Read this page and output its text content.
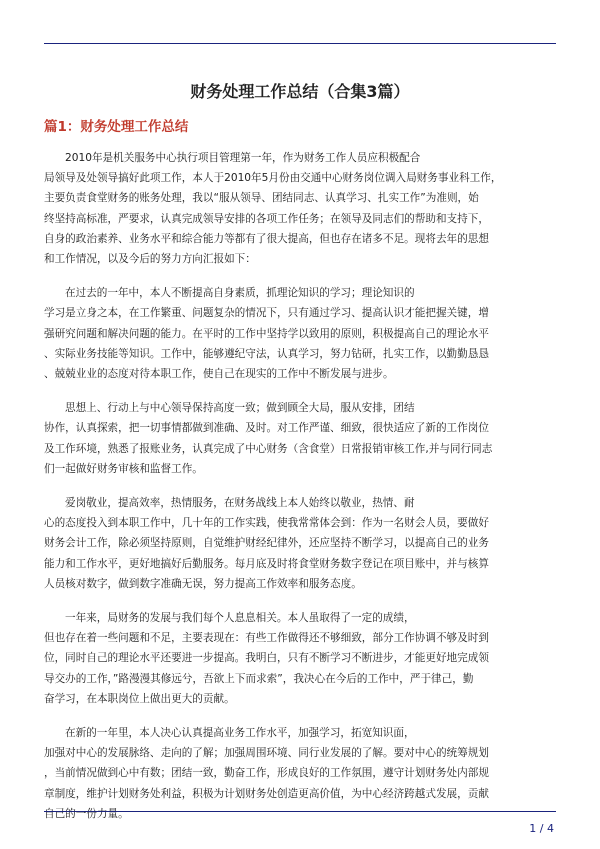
财务处理工作总结（合集3篇）
篇1：财务处理工作总结

2010年是机关服务中心执行项目管理第一年，作为财务工作人员应积极配合
局领导及处领导搞好此项工作，本人于2010年5月份由交通中心财务岗位调入局财务事业科工作，
主要负责食堂财务的账务处理，我以“服从领导、团结同志、认真学习、扎实工作”为准则，始
终坚持高标准，严要求，认真完成领导安排的各项工作任务；在领导及同志们的帮助和支持下，
自身的政治素养、业务水平和综合能力等都有了很大提高，但也存在诸多不足。现将去年的思想
和工作情况，以及今后的努力方向汇报如下：

在过去的一年中，本人不断提高自身素质，抓理论知识的学习；理论知识的
学习是立身之本，在工作繁重、问题复杂的情况下，只有通过学习、提高认识才能把握关键，增
强研究问题和解决问题的能力。在平时的工作中坚持学以致用的原则，积极提高自己的理论水平
、实际业务技能等知识。工作中，能够遵纪守法，认真学习，努力钻研，扎实工作，以勤勤恳恳
、兢兢业业的态度对待本职工作，使自己在现实的工作中不断发展与进步。

思想上、行动上与中心领导保持高度一致；做到顾全大局，服从安排，团结
协作，认真探索，把一切事情都做到准确、及时。对工作严谨、细致，很快适应了新的工作岗位
及工作环境，熟悉了报账业务，认真完成了中心财务（含食堂）日常报销审核工作,并与同行同志
们一起做好财务审核和监督工作。

爱岗敬业，提高效率，热情服务，在财务战线上本人始终以敬业，热情、耐
心的态度投入到本职工作中，几十年的工作实践，使我常常体会到：作为一名财会人员，要做好
财务会计工作，除必须坚持原则，自觉维护财经纪律外，还应坚持不断学习，以提高自己的业务
能力和工作水平，更好地搞好后勤服务。每月底及时将食堂财务数字登记在项目账中，并与核算
人员核对数字，做到数字准确无误，努力提高工作效率和服务态度。

一年来，局财务的发展与我们每个人息息相关。本人虽取得了一定的成绩，
但也存在着一些问题和不足，主要表现在：有些工作做得还不够细致，部分工作协调不够及时到
位，同时自己的理论水平还要进一步提高。我明白，只有不断学习不断进步，才能更好地完成领
导交办的工作，”路漫漫其修远兮，吾欲上下而求索”，我决心在今后的工作中，严于律己，勤
奋学习，在本职岗位上做出更大的贡献。

在新的一年里，本人决心认真提高业务工作水平，加强学习，拓宽知识面，
加强对中心的发展脉络、走向的了解；加强周围环境、同行业发展的了解。要对中心的统筹规划
，当前情况做到心中有数；团结一致，勤奋工作，形成良好的工作氛围，遵守计划财务处内部规
章制度，维护计划财务处利益，积极为计划财务处创造更高价值，为中心经济跨越式发展，贡献
自己的一份力量。

1 / 4
